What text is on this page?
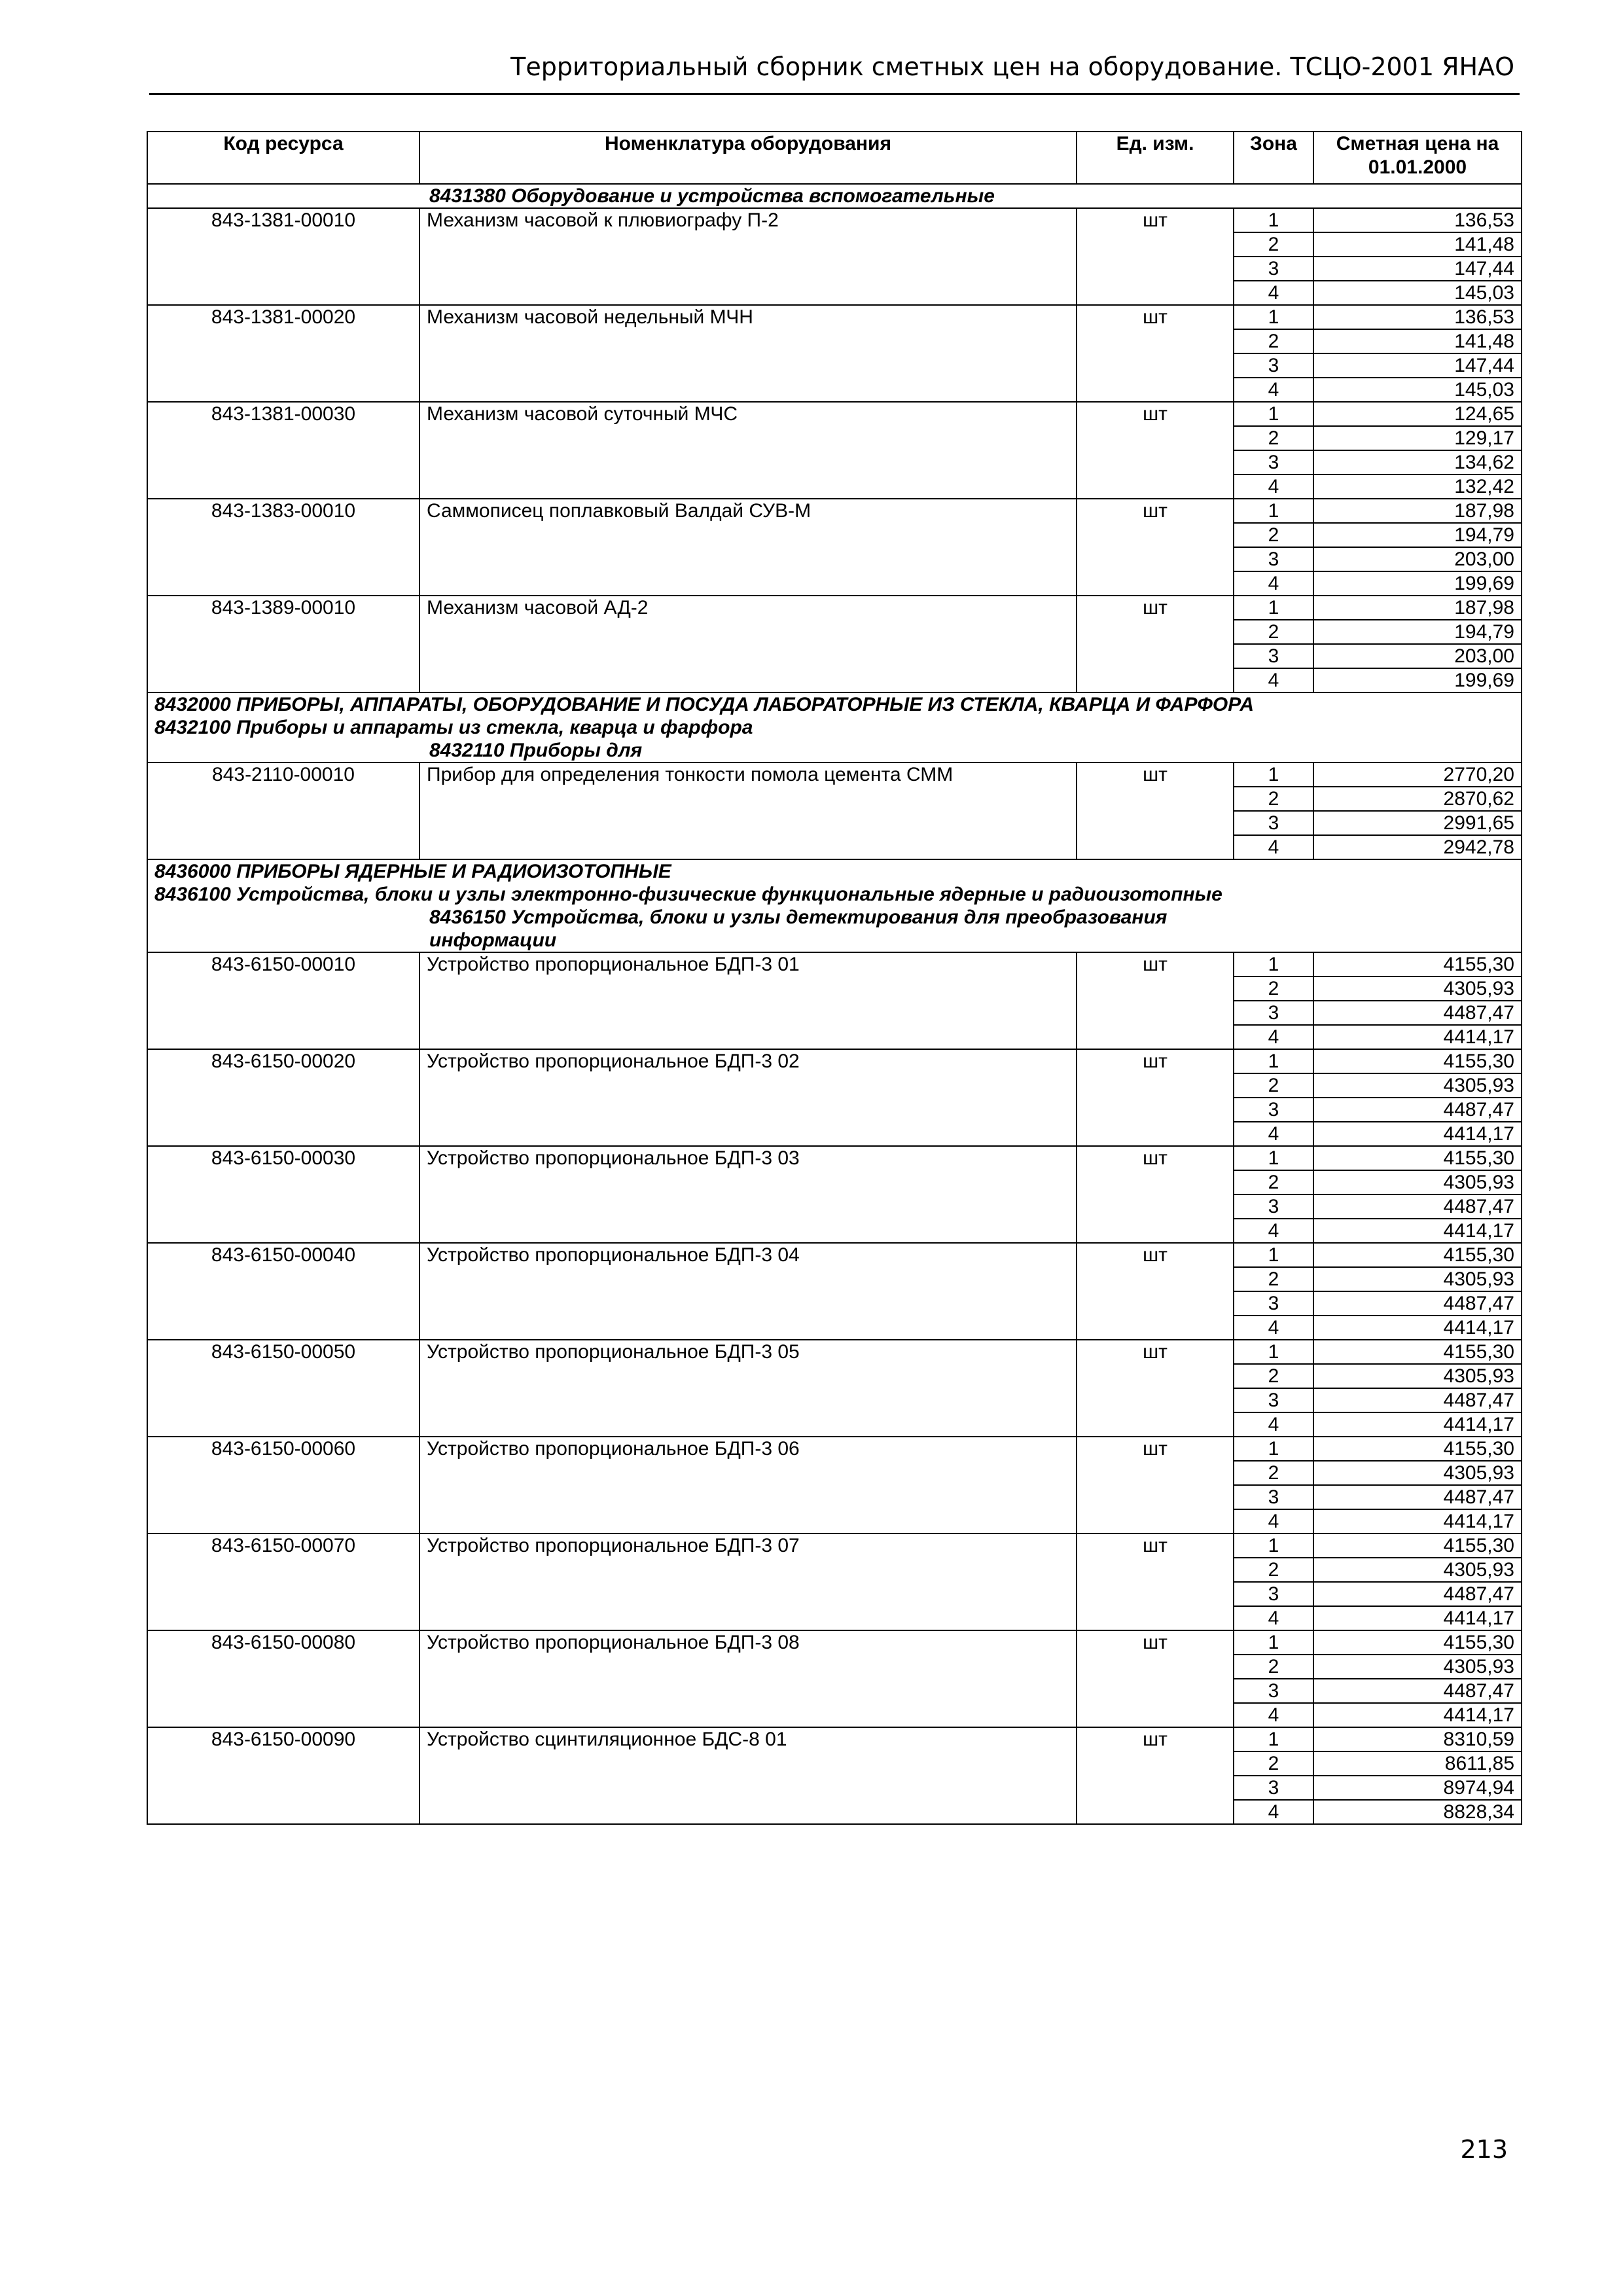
Территориальный сборник сметных цен на оборудование. ТСЦО-2001 ЯНАО
Код ресурса	Номенклатура оборудования	Ед. изм.	Зона	Сметная цена на 01.01.2000

8431380 Оборудование и устройства вспомогательные				

843-1381-00010	Механизм часовой к плювиографу П-2	шт	1	136,53
			2	141,48
			3	147,44
			4	145,03
843-1381-00020	Механизм часовой недельный МЧН	шт	1	136,53
			2	141,48
			3	147,44
			4	145,03
843-1381-00030	Механизм часовой суточный МЧС	шт	1	124,65
			2	129,17
			3	134,62
			4	132,42
843-1383-00010	Саммописец поплавковый Валдай СУВ-М	шт	1	187,98
			2	194,79
			3	203,00
			4	199,69
843-1389-00010	Механизм часовой АД-2	шт	1	187,98
			2	194,79
			3	203,00
			4	199,69
8432000 ПРИБОРЫ, АППАРАТЫ, ОБОРУДОВАНИЕ И ПОСУДА ЛАБОРАТОРНЫЕ ИЗ СТЕКЛА, КВАРЦА И ФАРФОРА				
8432100 Приборы и аппараты из стекла, кварца и фарфора				

8432110 Приборы для				

843-2110-00010	Прибор для определения тонкости помола цемента СММ	шт	1	2770,20
			2	2870,62
			3	2991,65
			4	2942,78
8436000 ПРИБОРЫ ЯДЕРНЫЕ И РАДИОИЗОТОПНЫЕ				
8436100 Устройства, блоки и узлы электронно-физические функциональные ядерные и радиоизотопные				

8436150 Устройства, блоки и узлы детектирования для преобразования информации				

843-6150-00010	Устройство пропорциональное БДП-3 01	шт	1	4155,30
			2	4305,93
			3	4487,47
			4	4414,17
843-6150-00020	Устройство пропорциональное БДП-3 02	шт	1	4155,30
			2	4305,93
			3	4487,47
			4	4414,17
843-6150-00030	Устройство пропорциональное БДП-3 03	шт	1	4155,30
			2	4305,93
			3	4487,47
			4	4414,17
843-6150-00040	Устройство пропорциональное БДП-3 04	шт	1	4155,30
			2	4305,93
			3	4487,47
			4	4414,17
843-6150-00050	Устройство пропорциональное БДП-3 05	шт	1	4155,30
			2	4305,93
			3	4487,47
			4	4414,17
843-6150-00060	Устройство пропорциональное БДП-3 06	шт	1	4155,30
			2	4305,93
			3	4487,47
			4	4414,17
843-6150-00070	Устройство пропорциональное БДП-3 07	шт	1	4155,30
			2	4305,93
			3	4487,47
			4	4414,17
843-6150-00080	Устройство пропорциональное БДП-3 08	шт	1	4155,30
			2	4305,93
			3	4487,47
			4	4414,17
843-6150-00090	Устройство сцинтиляционное БДС-8 01	шт	1	8310,59
			2	8611,85
			3	8974,94
			4	8828,34
213
